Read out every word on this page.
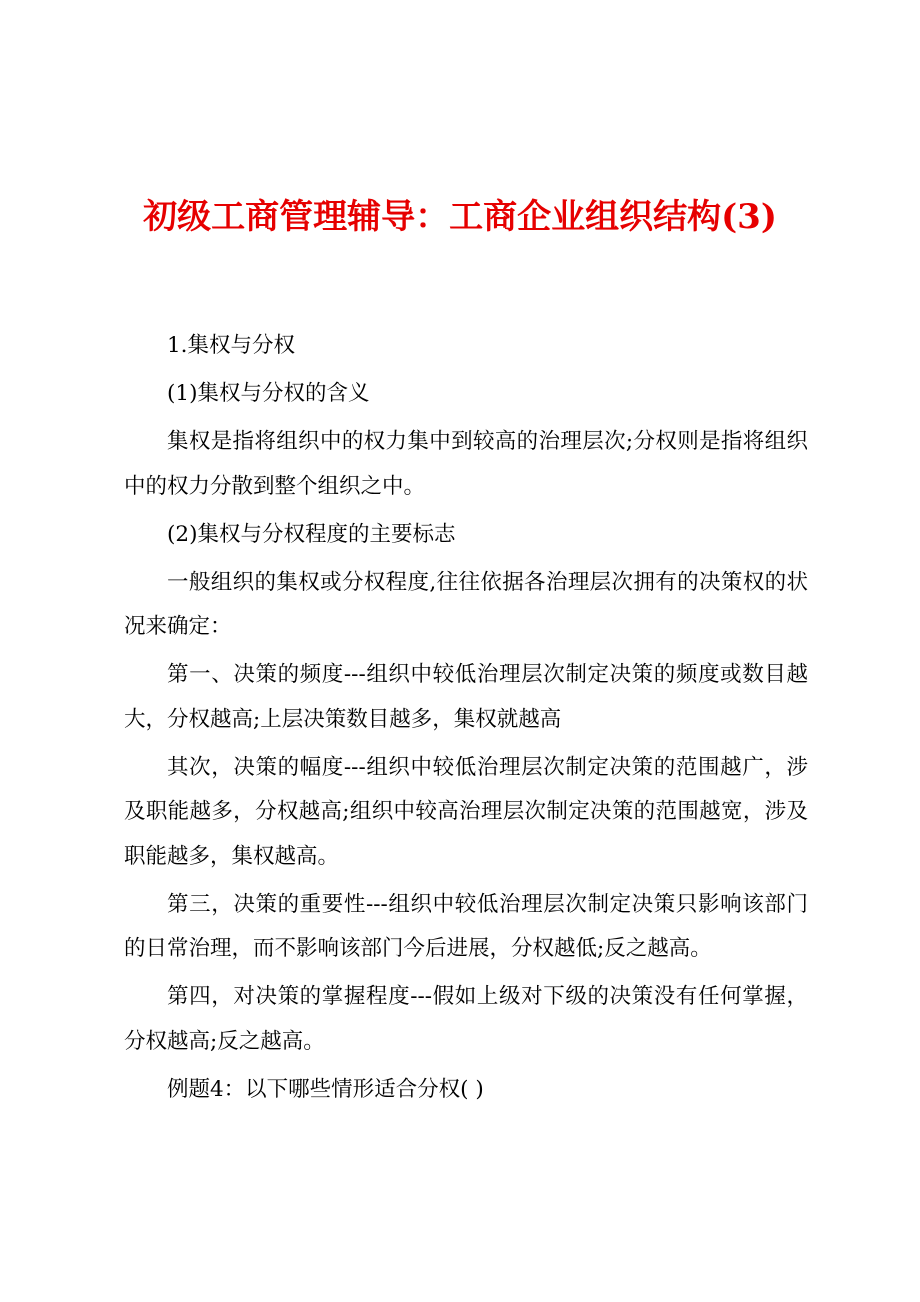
初级工商管理辅导：工商企业组织结构(3)

1.集权与分权

(1)集权与分权的含义

集权是指将组织中的权力集中到较高的治理层次;分权则是指将组织中的权力分散到整个组织之中。

(2)集权与分权程度的主要标志

一般组织的集权或分权程度,往往依据各治理层次拥有的决策权的状况来确定：

第一、决策的频度---组织中较低治理层次制定决策的频度或数目越大，分权越高;上层决策数目越多，集权就越高

其次，决策的幅度---组织中较低治理层次制定决策的范围越广，涉及职能越多，分权越高;组织中较高治理层次制定决策的范围越宽，涉及职能越多，集权越高。

第三，决策的重要性---组织中较低治理层次制定决策只影响该部门的日常治理，而不影响该部门今后进展，分权越低;反之越高。

第四，对决策的掌握程度---假如上级对下级的决策没有任何掌握，分权越高;反之越高。

例题4：以下哪些情形适合分权( )
